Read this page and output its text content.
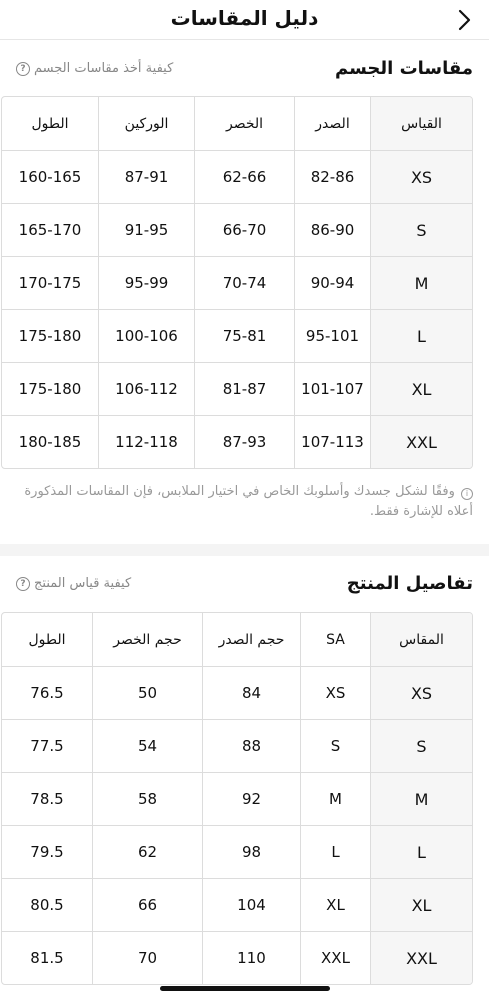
دليل المقاسات
مقاسات الجسم
? كيفية أخذ مقاسات الجسم
القياس
الصدر
الخصر
الوركين
الطول
XS
82-86
62-66
87-91
160-165
S
86-90
66-70
91-95
165-170
M
90-94
70-74
95-99
170-175
L
95-101
75-81
100-106
175-180
XL
101-107
81-87
106-112
175-180
XXL
107-113
87-93
112-118
180-185
i وفقًا لشكل جسدك وأسلوبك الخاص في اختيار الملابس، فإن المقاسات المذكورة أعلاه للإشارة فقط.
تفاصيل المنتج
? كيفية قياس المنتج
المقاس
SA
حجم الصدر
حجم الخصر
الطول
XS
XS
84
50
76.5
S
S
88
54
77.5
M
M
92
58
78.5
L
L
98
62
79.5
XL
XL
104
66
80.5
XXL
XXL
110
70
81.5
